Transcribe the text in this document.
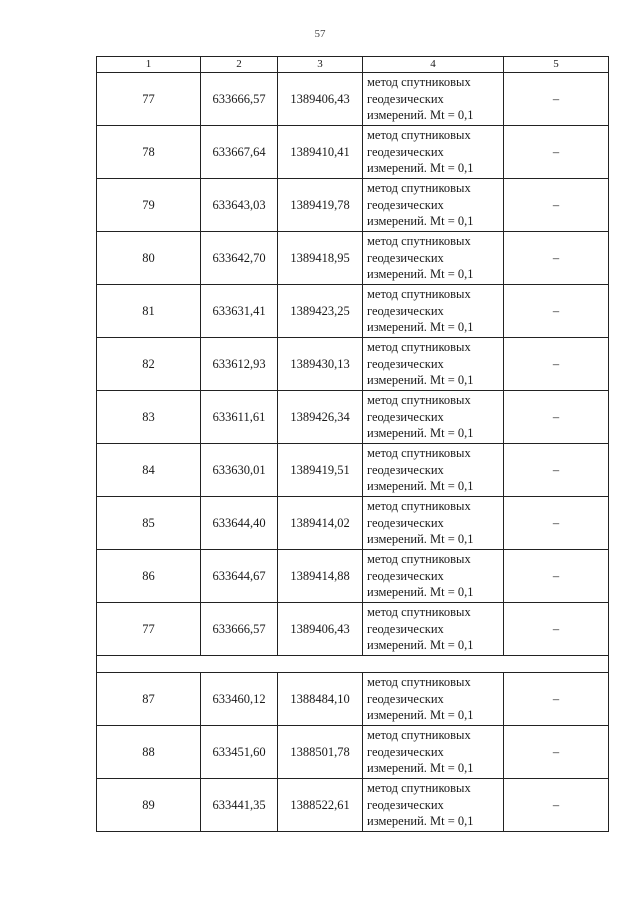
57
1	2	3	4	5
77	633666,57	1389406,43	метод спутниковых
геодезических
измерений. Mt = 0,1	–
78	633667,64	1389410,41	метод спутниковых
геодезических
измерений. Mt = 0,1	–
79	633643,03	1389419,78	метод спутниковых
геодезических
измерений. Mt = 0,1	–
80	633642,70	1389418,95	метод спутниковых
геодезических
измерений. Mt = 0,1	–
81	633631,41	1389423,25	метод спутниковых
геодезических
измерений. Mt = 0,1	–
82	633612,93	1389430,13	метод спутниковых
геодезических
измерений. Mt = 0,1	–
83	633611,61	1389426,34	метод спутниковых
геодезических
измерений. Mt = 0,1	–
84	633630,01	1389419,51	метод спутниковых
геодезических
измерений. Mt = 0,1	–
85	633644,40	1389414,02	метод спутниковых
геодезических
измерений. Mt = 0,1	–
86	633644,67	1389414,88	метод спутниковых
геодезических
измерений. Mt = 0,1	–
77	633666,57	1389406,43	метод спутниковых
геодезических
измерений. Mt = 0,1	–

87	633460,12	1388484,10	метод спутниковых
геодезических
измерений. Mt = 0,1	–
88	633451,60	1388501,78	метод спутниковых
геодезических
измерений. Mt = 0,1	–
89	633441,35	1388522,61	метод спутниковых
геодезических
измерений. Mt = 0,1	–
